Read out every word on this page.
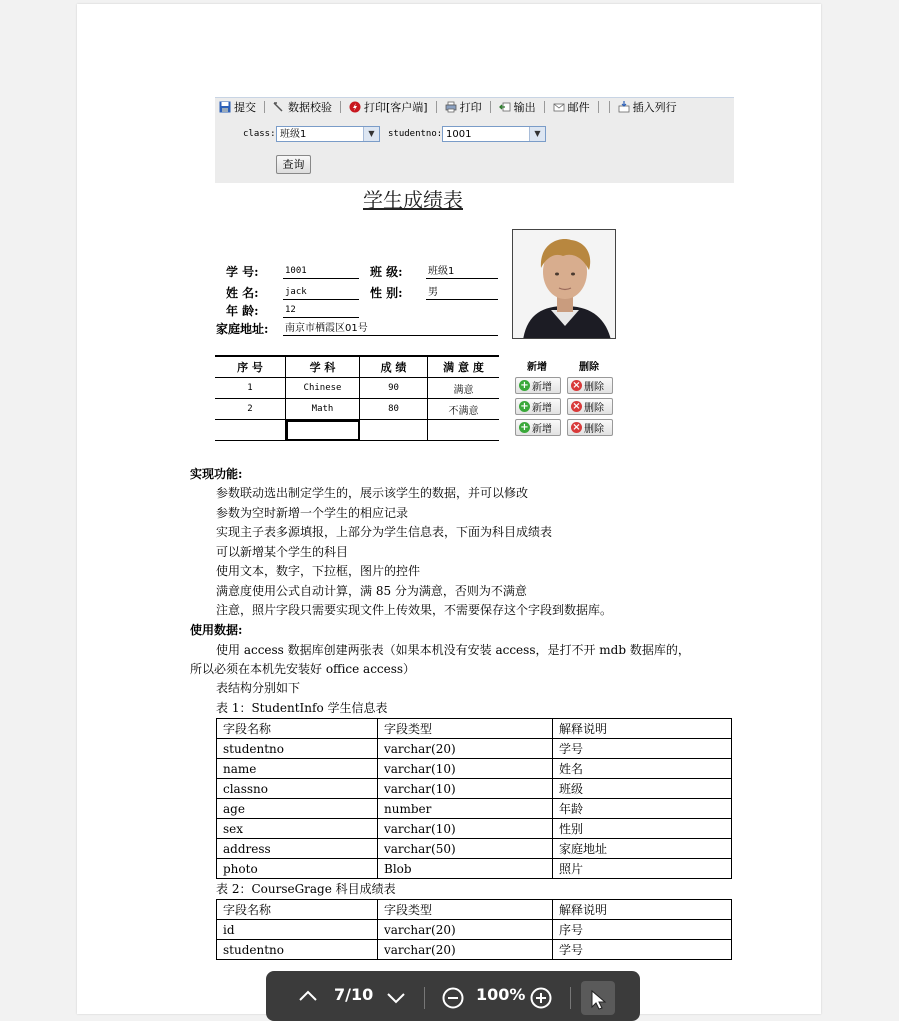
提交	数据校验	打印[客户端]	打印	输出	邮件	插入列行
class: 班级1	▼	studentno: 1001	▼
查询
学生成绩表
学 号:	1001	班 级:	班级1
姓 名:	jack	性 别:	男
年 龄:	12
家庭地址: 南京市栖霞区01号
序 号	学 科	成 绩	满 意 度
1	Chinese	90	满意
2	Math	80	不满意

新增	删除
+ 新增 × 删除
+ 新增 × 删除
+ 新增 × 删除
实现功能:
参数联动选出制定学生的，展示该学生的数据，并可以修改
参数为空时新增一个学生的相应记录
实现主子表多源填报，上部分为学生信息表，下面为科目成绩表
可以新增某个学生的科目
使用文本，数字，下拉框，图片的控件
满意度使用公式自动计算，满 85 分为满意，否则为不满意
注意，照片字段只需要实现文件上传效果，不需要保存这个字段到数据库。
使用数据:
使用 access 数据库创建两张表（如果本机没有安装 access，是打不开 mdb 数据库的，
所以必须在本机先安装好 office access）
表结构分别如下
表 1：StudentInfo 学生信息表
字段名称	字段类型	解释说明
studentno	varchar(20)	学号
name	varchar(10)	姓名
classno	varchar(10)	班级
age	number	年龄
sex	varchar(10)	性别
address	varchar(50)	家庭地址
photo	Blob	照片
表 2：CourseGrage 科目成绩表
字段名称	字段类型	解释说明
id	varchar(20)	序号
studentno	varchar(20)	学号
7/10	100%
